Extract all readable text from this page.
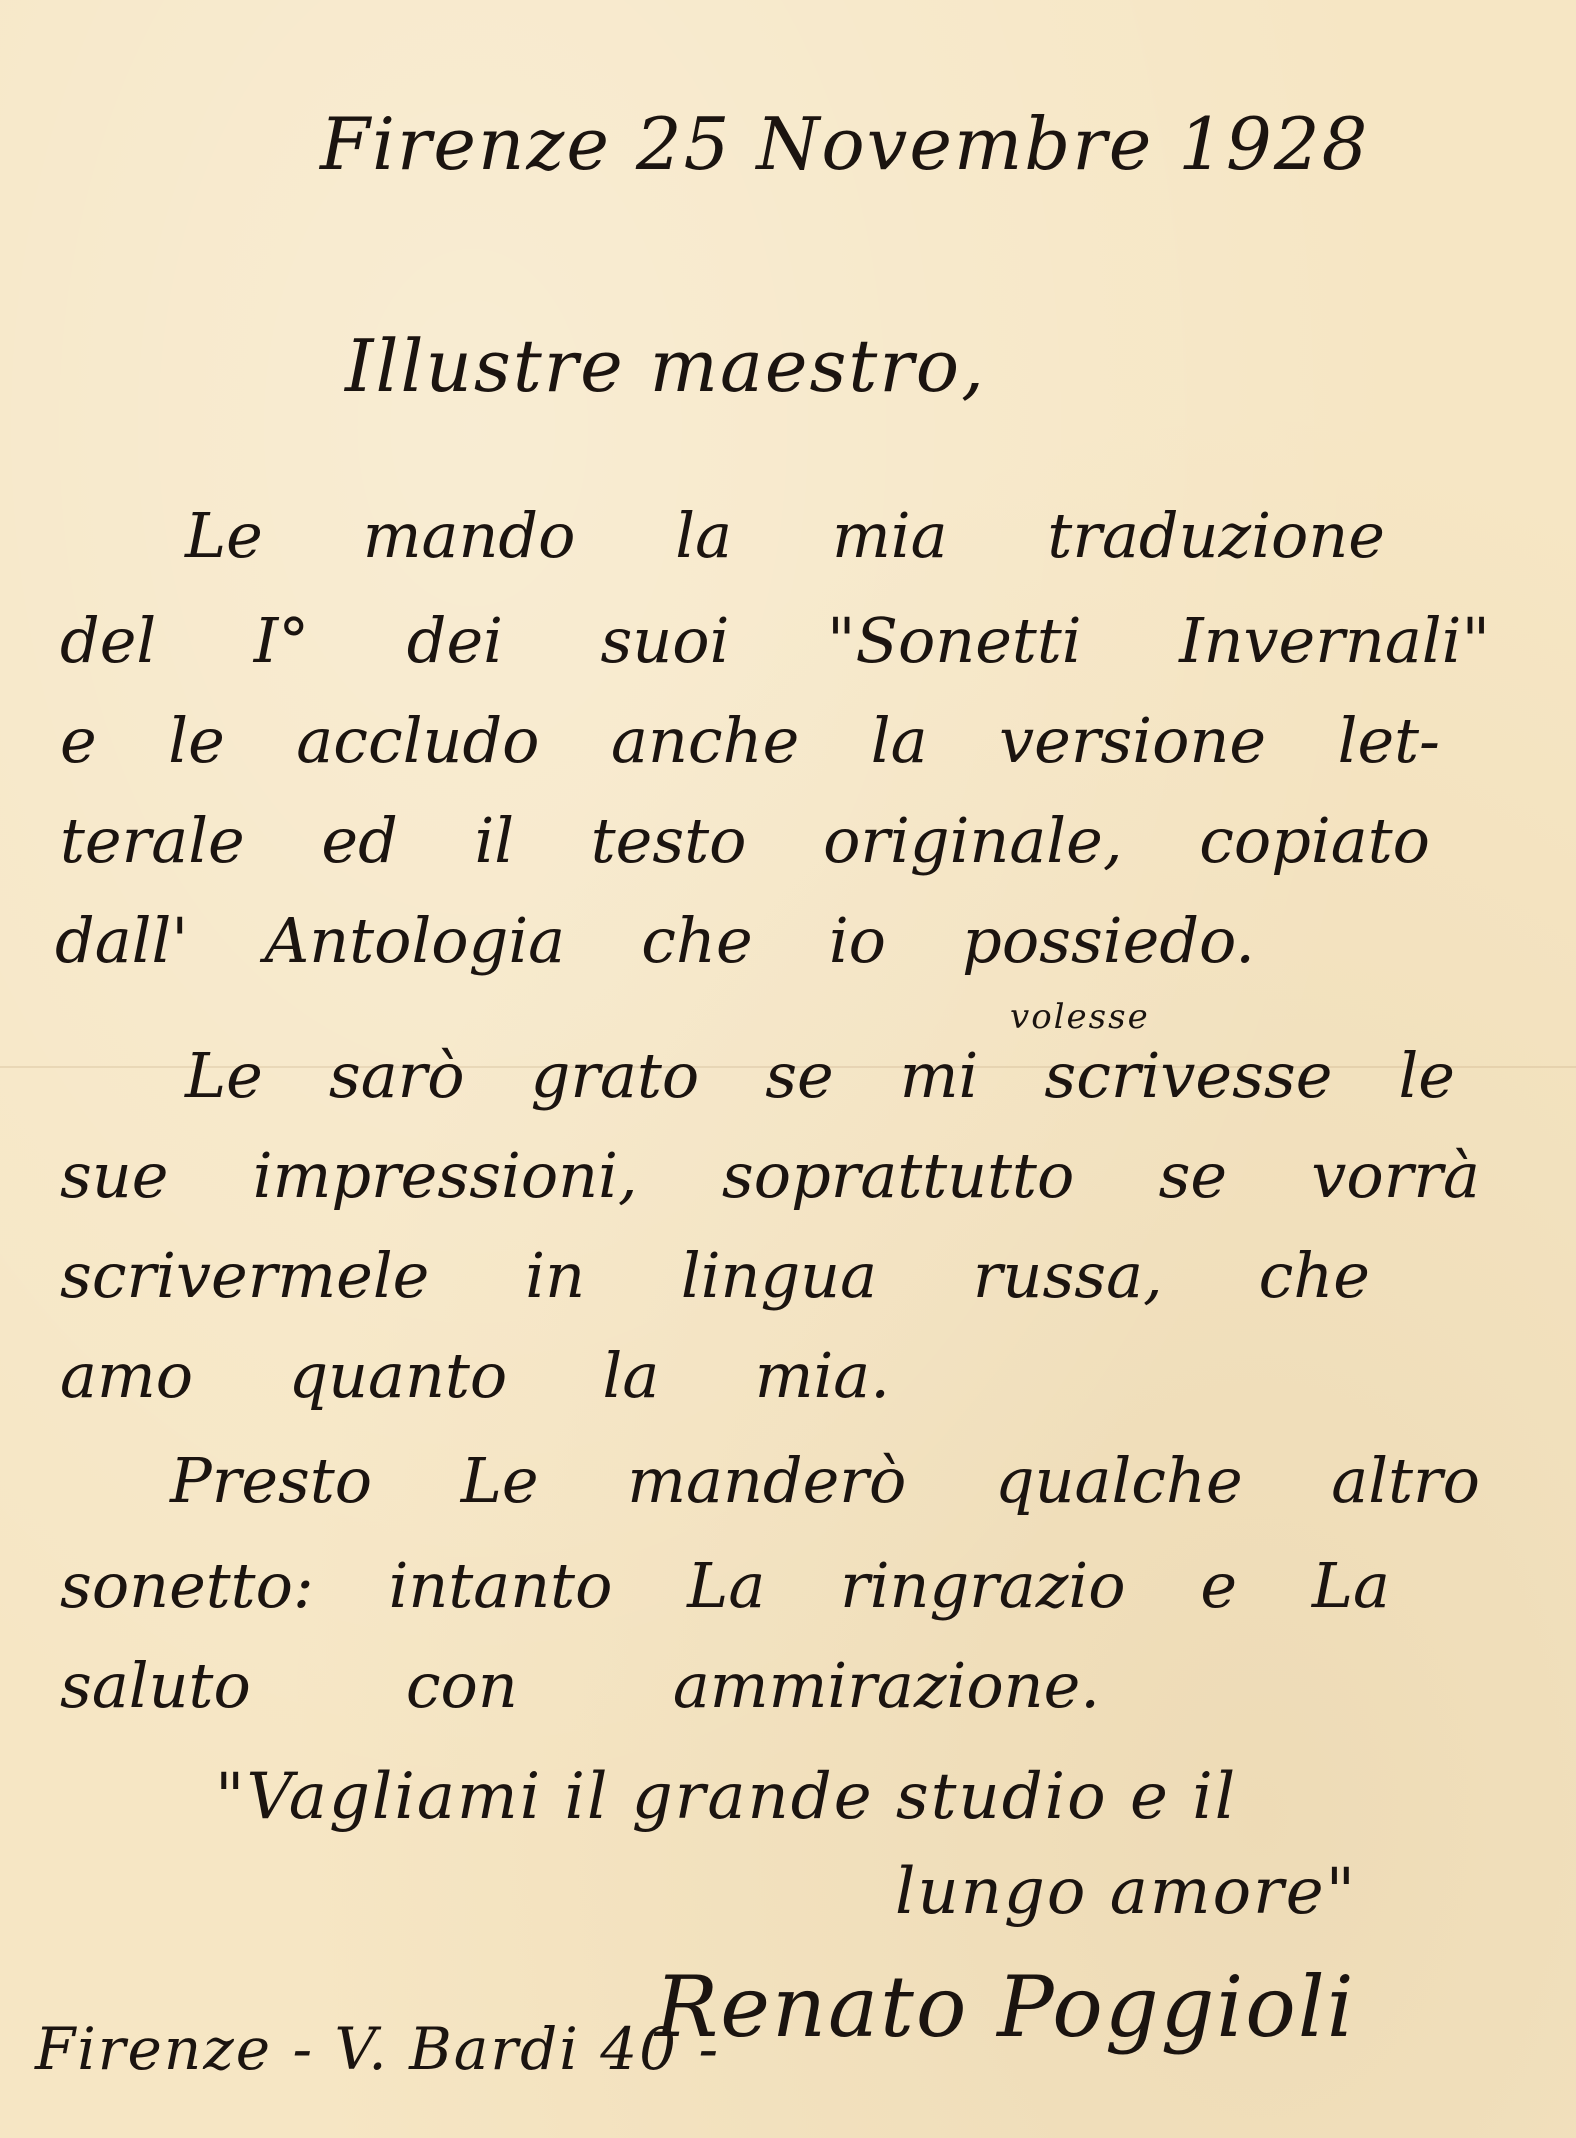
Firenze 25 Novembre 1928
Illustre maestro,
Le mando la mia traduzione
del I° dei suoi "Sonetti Invernali"
e le accludo anche la versione let-
terale ed il testo originale, copiato
dall' Antologia che io possiedo.
volesse
Le sarò grato se mi scrivesse le
sue impressioni, soprattutto se vorrà
scrivermele in lingua russa, che
amo quanto la mia.
Presto Le manderò qualche altro
sonetto: intanto La ringrazio e La
saluto	con	ammirazione.
"Vagliami il grande studio e il
lungo amore"
Firenze - V. Bardi 40 -
Renato Poggioli
